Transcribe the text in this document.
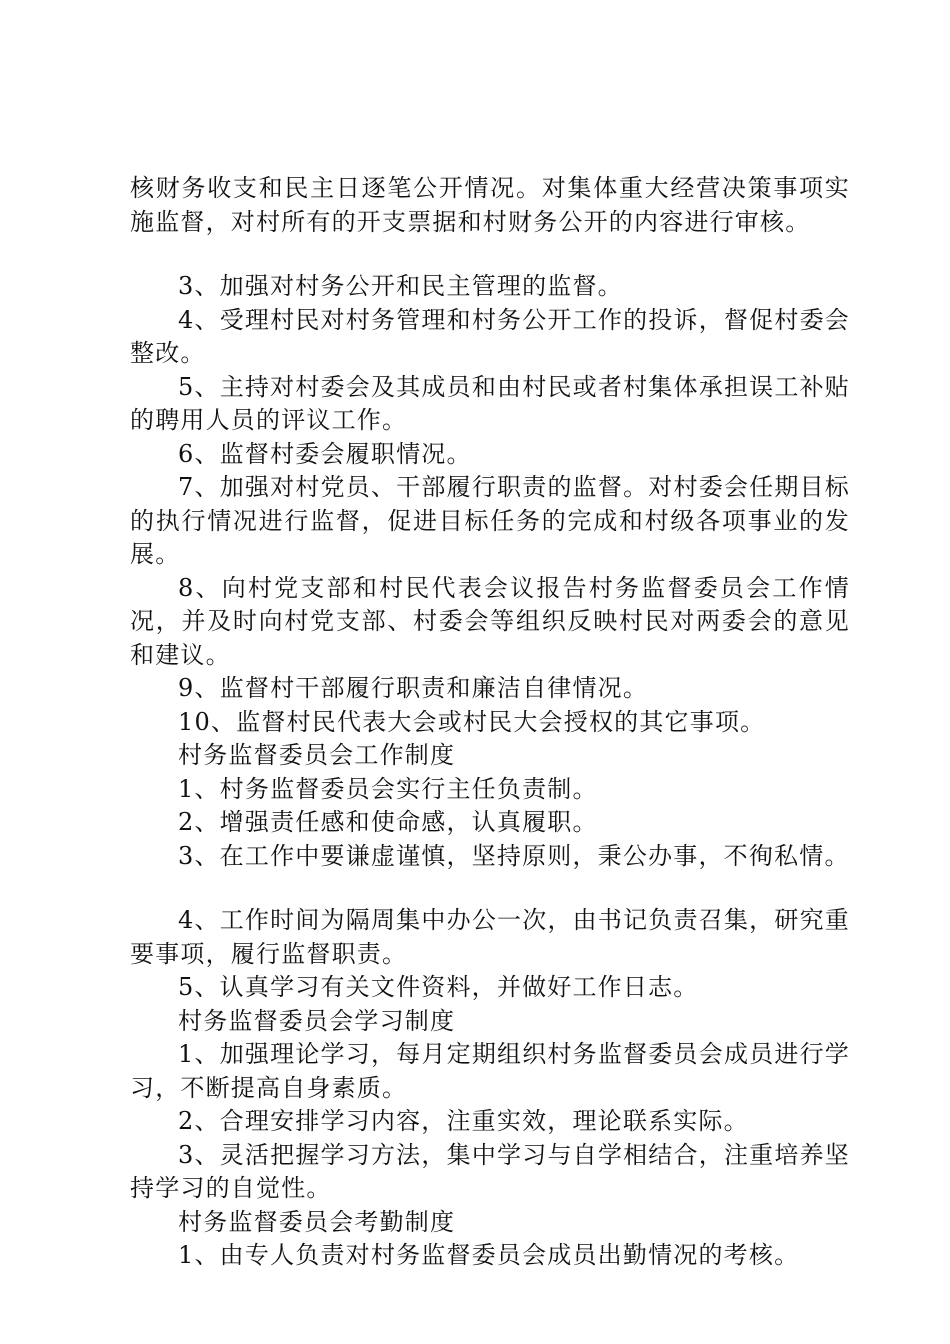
核财务收支和民主日逐笔公开情况。对集体重大经营决策事项实施监督，对村所有的开支票据和村财务公开的内容进行审核。

3、加强对村务公开和民主管理的监督。

4、受理村民对村务管理和村务公开工作的投诉，督促村委会整改。

5、主持对村委会及其成员和由村民或者村集体承担误工补贴的聘用人员的评议工作。

6、监督村委会履职情况。

7、加强对村党员、干部履行职责的监督。对村委会任期目标的执行情况进行监督，促进目标任务的完成和村级各项事业的发展。

8、向村党支部和村民代表会议报告村务监督委员会工作情况，并及时向村党支部、村委会等组织反映村民对两委会的意见和建议。

9、监督村干部履行职责和廉洁自律情况。

10、监督村民代表大会或村民大会授权的其它事项。

村务监督委员会工作制度

1、村务监督委员会实行主任负责制。

2、增强责任感和使命感，认真履职。

3、在工作中要谦虚谨慎，坚持原则，秉公办事，不徇私情。

4、工作时间为隔周集中办公一次，由书记负责召集，研究重要事项，履行监督职责。

5、认真学习有关文件资料，并做好工作日志。

村务监督委员会学习制度

1、加强理论学习，每月定期组织村务监督委员会成员进行学习，不断提高自身素质。

2、合理安排学习内容，注重实效，理论联系实际。

3、灵活把握学习方法，集中学习与自学相结合，注重培养坚持学习的自觉性。

村务监督委员会考勤制度

1、由专人负责对村务监督委员会成员出勤情况的考核。
